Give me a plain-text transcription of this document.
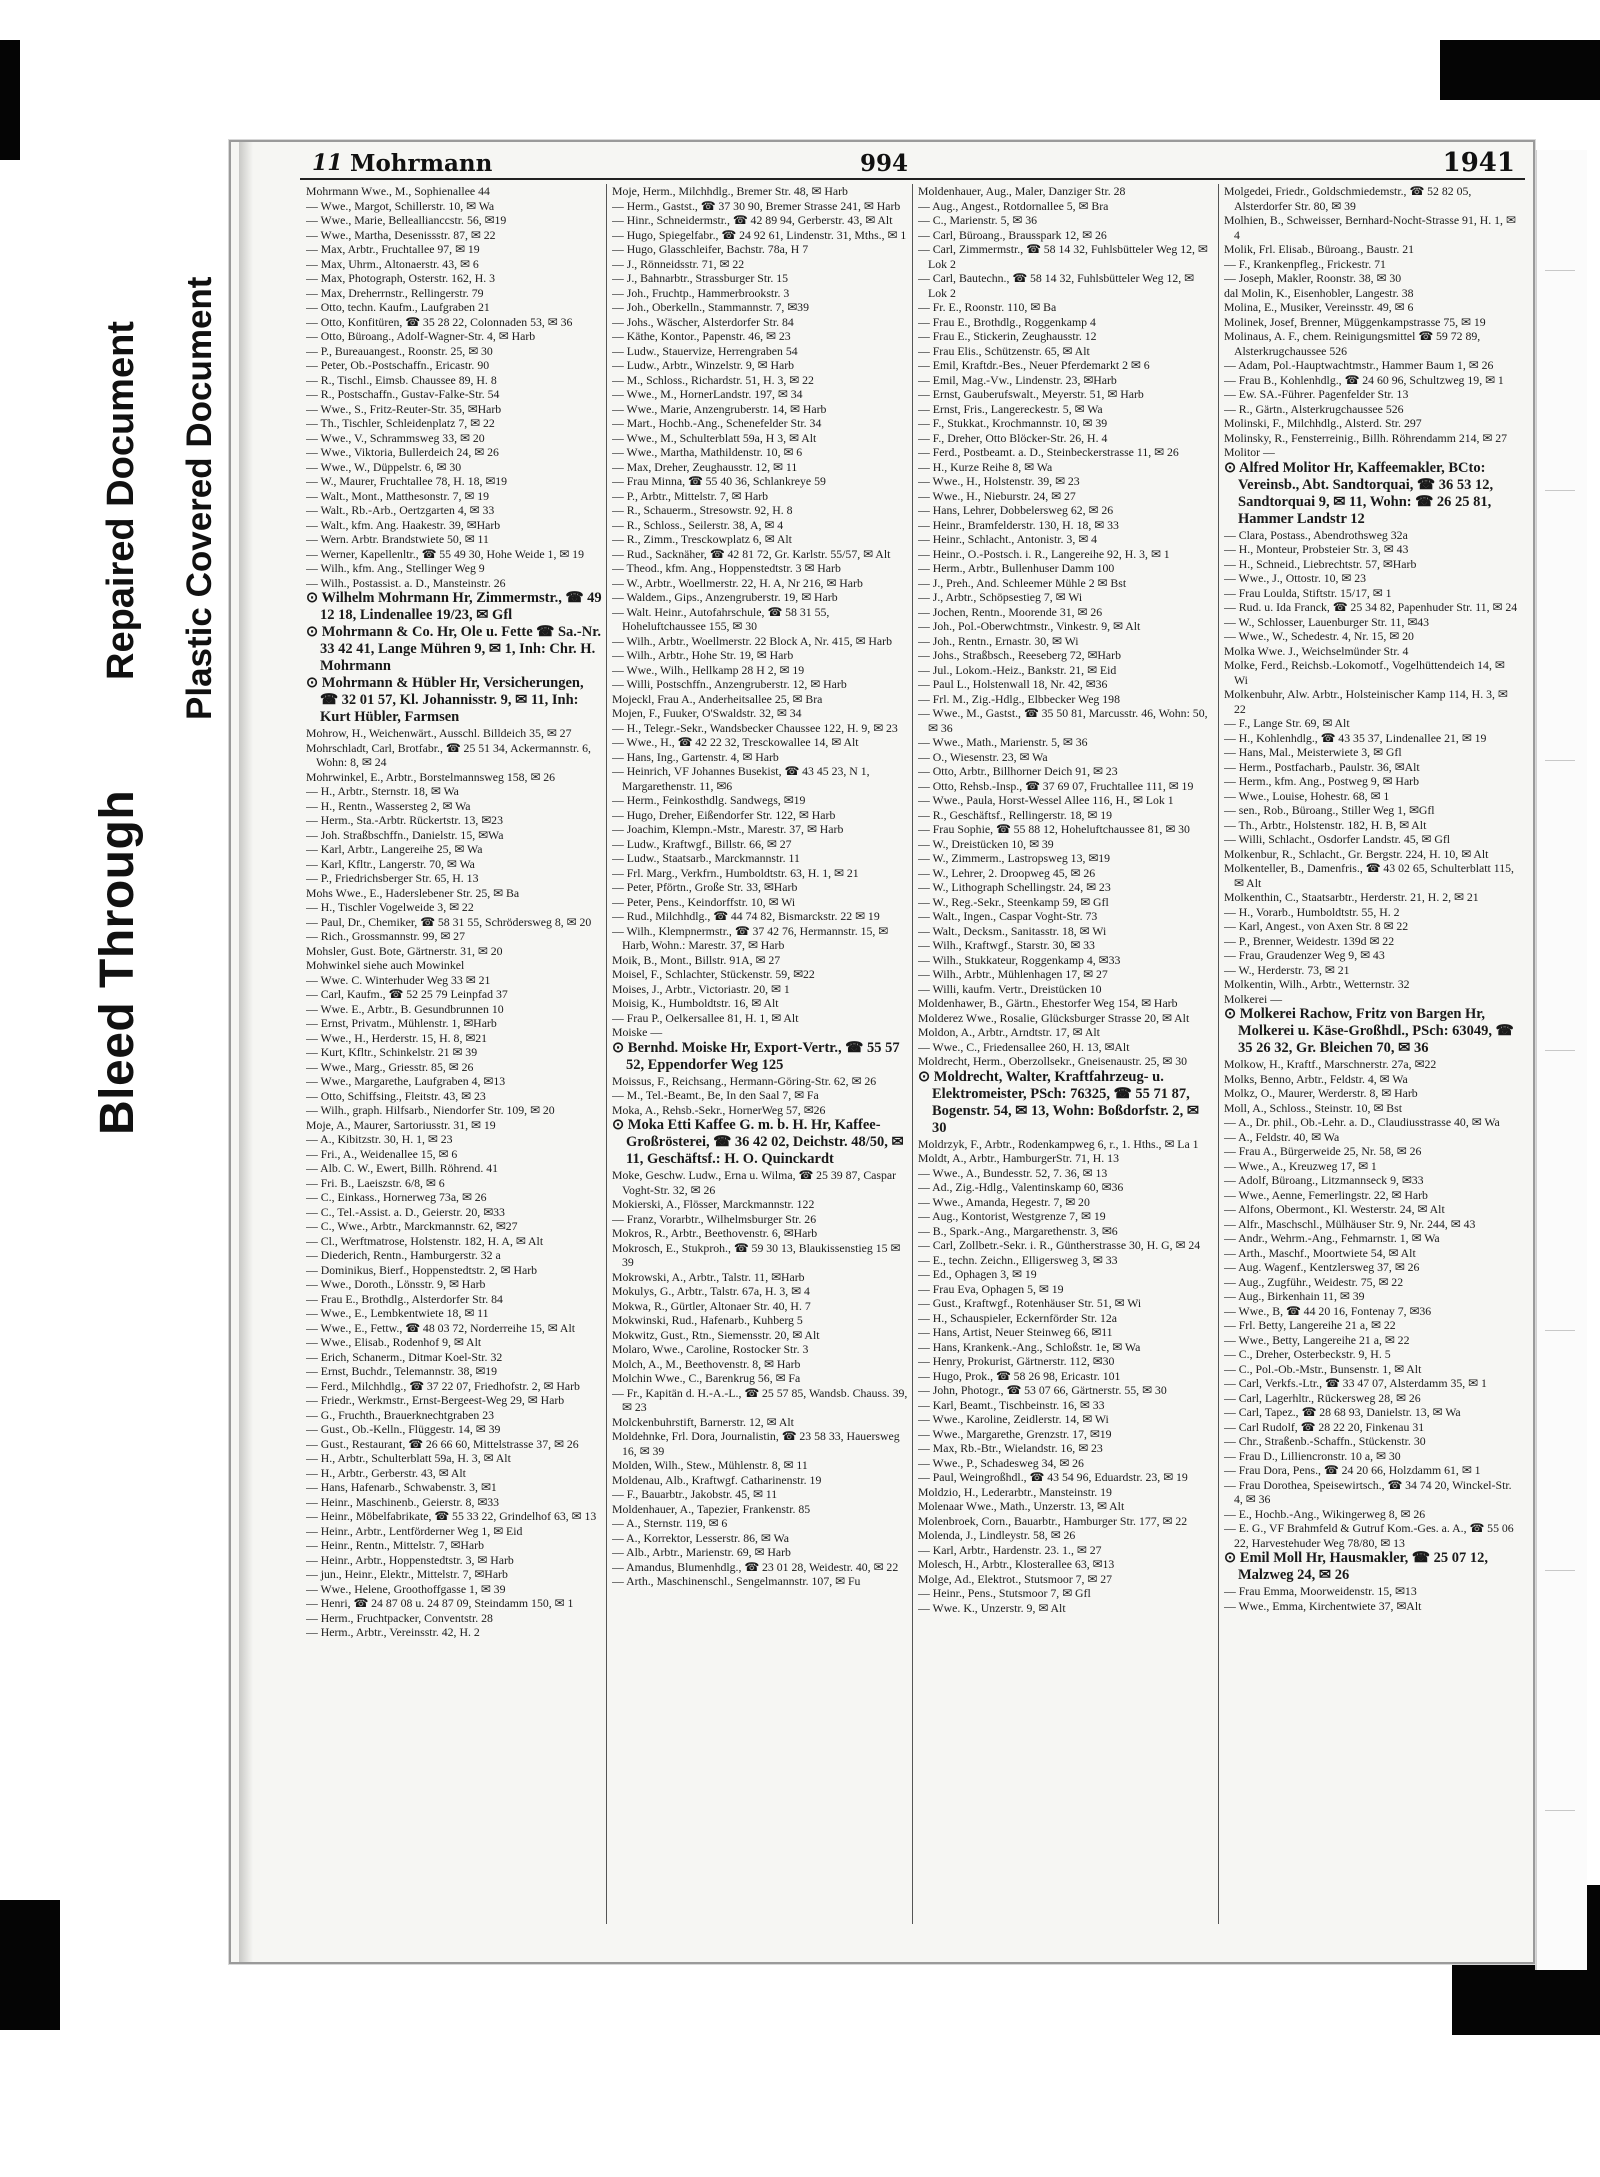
Bleed Through
Repaired Document Plastic Covered Document
11 Mohrmann	994	1941

Mohrmann Wwe., M., Sophienallee 44

— Wwe., Margot, Schillerstr. 10, ✉ Wa

— Wwe., Marie, Belleallianccstr. 56, ✉19

— Wwe., Martha, Desenissstr. 87, ✉ 22

— Max, Arbtr., Fruchtallee 97, ✉ 19

— Max, Uhrm., Altonaerstr. 43, ✉ 6

— Max, Photograph, Osterstr. 162, H. 3

— Max, Dreherrnstr., Rellingerstr. 79

— Otto, techn. Kaufm., Laufgraben 21

— Otto, Konfitüren, ☎ 35 28 22, Colonnaden 53, ✉ 36

— Otto, Büroang., Adolf-Wagner-Str. 4, ✉ Harb

— P., Bureauangest., Roonstr. 25, ✉ 30

— Peter, Ob.-Postschaffn., Ericastr. 90

— R., Tischl., Eimsb. Chaussee 89, H. 8

— R., Postschaffn., Gustav-Falke-Str. 54

— Wwe., S., Fritz-Reuter-Str. 35, ✉Harb

— Th., Tischler, Schleidenplatz 7, ✉ 22

— Wwe., V., Schrammsweg 33, ✉ 20

— Wwe., Viktoria, Bullerdeich 24, ✉ 26

— Wwe., W., Düppelstr. 6, ✉ 30

— W., Maurer, Fruchtallee 78, H. 18, ✉19

— Walt., Mont., Matthesonstr. 7, ✉ 19

— Walt., Rb.-Arb., Oertzgarten 4, ✉ 33

— Walt., kfm. Ang. Haakestr. 39, ✉Harb

— Wern. Arbtr. Brandstwiete 50, ✉ 11

— Werner, Kapellenltr., ☎ 55 49 30, Hohe Weide 1, ✉ 19

— Wilh., kfm. Ang., Stellinger Weg 9

— Wilh., Postassist. a. D., Mansteinstr. 26

⊙ Wilhelm Mohrmann Hr, Zimmermstr., ☎ 49 12 18, Lindenallee 19/23, ✉ Gfl

⊙ Mohrmann & Co. Hr, Ole u. Fette ☎ Sa.-Nr. 33 42 41, Lange Mühren 9, ✉ 1, Inh: Chr. H. Mohrmann

⊙ Mohrmann & Hübler Hr, Versicherungen, ☎ 32 01 57, Kl. Johannisstr. 9, ✉ 11, Inh: Kurt Hübler, Farmsen

Mohrow, H., Weichenwärt., Ausschl. Billdeich 35, ✉ 27

Mohrschladt, Carl, Brotfabr., ☎ 25 51 34, Ackermannstr. 6, Wohn: 8, ✉ 24

Mohrwinkel, E., Arbtr., Borstelmannsweg 158, ✉ 26

— H., Arbtr., Sternstr. 18, ✉ Wa

— H., Rentn., Wassersteg 2, ✉ Wa

— Herm., Sta.-Arbtr. Rückertstr. 13, ✉23

— Joh. Straßbschffn., Danielstr. 15, ✉Wa

— Karl, Arbtr., Langereihe 25, ✉ Wa

— Karl, Kfltr., Langerstr. 70, ✉ Wa

— P., Friedrichsberger Str. 65, H. 13

Mohs Wwe., E., Haderslebener Str. 25, ✉ Ba

— H., Tischler Vogelweide 3, ✉ 22

— Paul, Dr., Chemiker, ☎ 58 31 55, Schrödersweg 8, ✉ 20

— Rich., Grossmannstr. 99, ✉ 27

Mohsler, Gust. Bote, Gärtnerstr. 31, ✉ 20

Mohwinkel siehe auch Mowinkel

— Wwe. C. Winterhuder Weg 33 ✉ 21

— Carl, Kaufm., ☎ 52 25 79 Leinpfad 37

— Wwe. E., Arbtr., B. Gesundbrunnen 10

— Ernst, Privatm., Mühlenstr. 1, ✉Harb

— Wwe., H., Herderstr. 15, H. 8, ✉21

— Kurt, Kfltr., Schinkelstr. 21 ✉ 39

— Wwe., Marg., Griesstr. 85, ✉ 26

— Wwe., Margarethe, Laufgraben 4, ✉13

— Otto, Schiffsing., Fleitstr. 43, ✉ 23

— Wilh., graph. Hilfsarb., Niendorfer Str. 109, ✉ 20

Moje, A., Maurer, Sartoriusstr. 31, ✉ 19

— A., Kibitzstr. 30, H. 1, ✉ 23

— Fri., A., Weidenallee 15, ✉ 6

— Alb. C. W., Ewert, Billh. Röhrend. 41

— Fri. B., Laeiszstr. 6/8, ✉ 6

— C., Einkass., Hornerweg 73a, ✉ 26

— C., Tel.-Assist. a. D., Geierstr. 20, ✉33

— C., Wwe., Arbtr., Marckmannstr. 62, ✉27

— Cl., Werftmatrose, Holstenstr. 182, H. A, ✉ Alt

— Diederich, Rentn., Hamburgerstr. 32 a

— Dominikus, Bierf., Hoppenstedtstr. 2, ✉ Harb

— Wwe., Doroth., Lönsstr. 9, ✉ Harb

— Frau E., Brothdlg., Alsterdorfer Str. 84

— Wwe., E., Lembkentwiete 18, ✉ 11

— Wwe., E., Fettw., ☎ 48 03 72, Norderreihe 15, ✉ Alt

— Wwe., Elisab., Rodenhof 9, ✉ Alt

— Erich, Schanerm., Ditmar Koel-Str. 32

— Ernst, Buchdr., Telemannstr. 38, ✉19

— Ferd., Milchhdlg., ☎ 37 22 07, Friedhofstr. 2, ✉ Harb

— Friedr., Werkmstr., Ernst-Bergeest-Weg 29, ✉ Harb

— G., Fruchth., Brauerknechtgraben 23

— Gust., Ob.-Kelln., Flüggestr. 14, ✉ 39

— Gust., Restaurant, ☎ 26 66 60, Mittelstrasse 37, ✉ 26

— H., Arbtr., Schulterblatt 59a, H. 3, ✉ Alt

— H., Arbtr., Gerberstr. 43, ✉ Alt

— Hans, Hafenarb., Schwabenstr. 3, ✉1

— Heinr., Maschinenb., Geierstr. 8, ✉33

— Heinr., Möbelfabrikate, ☎ 55 33 22, Grindelhof 63, ✉ 13

— Heinr., Arbtr., Lentförderner Weg 1, ✉ Eid

— Heinr., Rentn., Mittelstr. 7, ✉Harb

— Heinr., Arbtr., Hoppenstedtstr. 3, ✉ Harb

— jun., Heinr., Elektr., Mittelstr. 7, ✉Harb

— Wwe., Helene, Groothoffgasse 1, ✉ 39

— Henri, ☎ 24 87 08 u. 24 87 09, Steindamm 150, ✉ 1

— Herm., Fruchtpacker, Conventstr. 28

— Herm., Arbtr., Vereinsstr. 42, H. 2

Moje, Herm., Milchhdlg., Bremer Str. 48, ✉ Harb

— Herm., Gastst., ☎ 37 30 90, Bremer Strasse 241, ✉ Harb

— Hinr., Schneidermstr., ☎ 42 89 94, Gerberstr. 43, ✉ Alt

— Hugo, Spiegelfabr., ☎ 24 92 61, Lindenstr. 31, Mths., ✉ 1

— Hugo, Glasschleifer, Bachstr. 78a, H 7

— J., Rönneidsstr. 71, ✉ 22

— J., Bahnarbtr., Strassburger Str. 15

— Joh., Fruchtp., Hammerbrookstr. 3

— Joh., Oberkelln., Stammannstr. 7, ✉39

— Johs., Wäscher, Alsterdorfer Str. 84

— Käthe, Kontor., Papenstr. 46, ✉ 23

— Ludw., Stauervize, Herrengraben 54

— Ludw., Arbtr., Winzelstr. 9, ✉ Harb

— M., Schloss., Richardstr. 51, H. 3, ✉ 22

— Wwe., M., HornerLandstr. 197, ✉ 34

— Wwe., Marie, Anzengruberstr. 14, ✉ Harb

— Mart., Hochb.-Ang., Schenefelder Str. 34

— Wwe., M., Schulterblatt 59a, H 3, ✉ Alt

— Wwe., Martha, Mathildenstr. 10, ✉ 6

— Max, Dreher, Zeughausstr. 12, ✉ 11

— Frau Minna, ☎ 55 40 36, Schlankreye 59

— P., Arbtr., Mittelstr. 7, ✉ Harb

— R., Schauerm., Stresowstr. 92, H. 8

— R., Schloss., Seilerstr. 38, A, ✉ 4

— R., Zimm., Tresckowplatz 6, ✉ Alt

— Rud., Sacknäher, ☎ 42 81 72, Gr. Karlstr. 55/57, ✉ Alt

— Theod., kfm. Ang., Hoppenstedtstr. 3 ✉ Harb

— W., Arbtr., Woellmerstr. 22, H. A, Nr 216, ✉ Harb

— Waldem., Gips., Anzengruberstr. 19, ✉ Harb

— Walt. Heinr., Autofahrschule, ☎ 58 31 55, Hoheluftchaussee 155, ✉ 30

— Wilh., Arbtr., Woellmerstr. 22 Block A, Nr. 415, ✉ Harb

— Wilh., Arbtr., Hohe Str. 19, ✉ Harb

— Wwe., Wilh., Hellkamp 28 H 2, ✉ 19

— Willi, Postschffn., Anzengruberstr. 12, ✉ Harb

Mojeckl, Frau A., Anderheitsallee 25, ✉ Bra

Mojen, F., Fuuker, O'Swaldstr. 32, ✉ 34

— H., Telegr.-Sekr., Wandsbecker Chaussee 122, H. 9, ✉ 23

— Wwe., H., ☎ 42 22 32, Tresckowallee 14, ✉ Alt

— Hans, Ing., Gartenstr. 4, ✉ Harb

— Heinrich, VF Johannes Busekist, ☎ 43 45 23, N 1, Margarethenstr. 11, ✉6

— Herm., Feinkosthdlg. Sandwegs, ✉19

— Hugo, Dreher, Eißendorfer Str. 122, ✉ Harb

— Joachim, Klempn.-Mstr., Marestr. 37, ✉ Harb

— Ludw., Kraftwgf., Billstr. 66, ✉ 27

— Ludw., Staatsarb., Marckmannstr. 11

— Frl. Marg., Verkfrn., Humboldtstr. 63, H. 1, ✉ 21

— Peter, Pförtn., Große Str. 33, ✉Harb

— Peter, Pens., Keindorffstr. 10, ✉ Wi

— Rud., Milchhdlg., ☎ 44 74 82, Bismarckstr. 22 ✉ 19

— Wilh., Klempnermstr., ☎ 37 42 76, Hermannstr. 15, ✉ Harb, Wohn.: Marestr. 37, ✉ Harb

Moik, B., Mont., Billstr. 91A, ✉ 27

Moisel, F., Schlachter, Stückenstr. 59, ✉22

Moises, J., Arbtr., Victoriastr. 20, ✉ 1

Moisig, K., Humboldtstr. 16, ✉ Alt

— Frau P., Oelkersallee 81, H. 1, ✉ Alt

Moiske —

⊙ Bernhd. Moiske Hr, Export-Vertr., ☎ 55 57 52, Eppendorfer Weg 125

Moissus, F., Reichsang., Hermann-Göring-Str. 62, ✉ 26

— M., Tel.-Beamt., Be, In den Saal 7, ✉ Fa

Moka, A., Rehsb.-Sekr., HornerWeg 57, ✉26

⊙ Moka Etti Kaffee G. m. b. H. Hr, Kaffee-Großrösterei, ☎ 36 42 02, Deichstr. 48/50, ✉ 11, Geschäftsf.: H. O. Quinckardt

Moke, Geschw. Ludw., Erna u. Wilma, ☎ 25 39 87, Caspar Voght-Str. 32, ✉ 26

Mokierski, A., Flösser, Marckmannstr. 122

— Franz, Vorarbtr., Wilhelmsburger Str. 26

Mokros, R., Arbtr., Beethovenstr. 6, ✉Harb

Mokrosch, E., Stukproh., ☎ 59 30 13, Blaukissenstieg 15 ✉ 39

Mokrowski, A., Arbtr., Talstr. 11, ✉Harb

Mokulys, G., Arbtr., Talstr. 67a, H. 3, ✉ 4

Mokwa, R., Gürtler, Altonaer Str. 40, H. 7

Mokwinski, Rud., Hafenarb., Kuhberg 5

Mokwitz, Gust., Rtn., Siemensstr. 20, ✉ Alt

Molaro, Wwe., Caroline, Rostocker Str. 3

Molch, A., M., Beethovenstr. 8, ✉ Harb

Molchin Wwe., C., Barenkrug 56, ✉ Fa

— Fr., Kapitän d. H.-A.-L., ☎ 25 57 85, Wandsb. Chauss. 39, ✉ 23

Molckenbuhrstift, Barnerstr. 12, ✉ Alt

Moldehnke, Frl. Dora, Journalistin, ☎ 23 58 33, Hauersweg 16, ✉ 39

Molden, Wilh., Stew., Mühlenstr. 8, ✉ 11

Moldenau, Alb., Kraftwgf. Catharinenstr. 19

— F., Bauarbtr., Jakobstr. 45, ✉ 11

Moldenhauer, A., Tapezier, Frankenstr. 85

— A., Sternstr. 119, ✉ 6

— A., Korrektor, Lesserstr. 86, ✉ Wa

— Alb., Arbtr., Marienstr. 69, ✉ Harb

— Amandus, Blumenhdlg., ☎ 23 01 28, Weidestr. 40, ✉ 22

— Arth., Maschinenschl., Sengelmannstr. 107, ✉ Fu

Moldenhauer, Aug., Maler, Danziger Str. 28

— Aug., Angest., Rotdornallee 5, ✉ Bra

— C., Marienstr. 5, ✉ 36

— Carl, Büroang., Brausspark 12, ✉ 26

— Carl, Zimmermstr., ☎ 58 14 32, Fuhlsbütteler Weg 12, ✉ Lok 2

— Carl, Bautechn., ☎ 58 14 32, Fuhlsbütteler Weg 12, ✉ Lok 2

— Fr. E., Roonstr. 110, ✉ Ba

— Frau E., Brothdlg., Roggenkamp 4

— Frau E., Stickerin, Zeughausstr. 12

— Frau Elis., Schützenstr. 65, ✉ Alt

— Emil, Kraftdr.-Bes., Neuer Pferdemarkt 2 ✉ 6

— Emil, Mag.-Vw., Lindenstr. 23, ✉Harb

— Ernst, Gauberufswalt., Meyerstr. 51, ✉ Harb

— Ernst, Fris., Langereckestr. 5, ✉ Wa

— F., Stukkat., Krochmannstr. 10, ✉ 39

— F., Dreher, Otto Blöcker-Str. 26, H. 4

— Ferd., Postbeamt. a. D., Steinbeckerstrasse 11, ✉ 26

— H., Kurze Reihe 8, ✉ Wa

— Wwe., H., Holstenstr. 39, ✉ 23

— Wwe., H., Nieburstr. 24, ✉ 27

— Hans, Lehrer, Dobbelersweg 62, ✉ 26

— Heinr., Bramfelderstr. 130, H. 18, ✉ 33

— Heinr., Schlacht., Antonistr. 3, ✉ 4

— Heinr., O.-Postsch. i. R., Langereihe 92, H. 3, ✉ 1

— Herm., Arbtr., Bullenhuser Damm 100

— J., Preh., And. Schleemer Mühle 2 ✉ Bst

— J., Arbtr., Schöpsestieg 7, ✉ Wi

— Jochen, Rentn., Moorende 31, ✉ 26

— Joh., Pol.-Oberwchtmstr., Vinkestr. 9, ✉ Alt

— Joh., Rentn., Ernastr. 30, ✉ Wi

— Johs., Straßbsch., Reeseberg 72, ✉Harb

— Jul., Lokom.-Heiz., Bankstr. 21, ✉ Eid

— Paul L., Holstenwall 18, Nr. 42, ✉36

— Frl. M., Zig.-Hdlg., Elbbecker Weg 198

— Wwe., M., Gastst., ☎ 35 50 81, Marcusstr. 46, Wohn: 50, ✉ 36

— Wwe., Math., Marienstr. 5, ✉ 36

— O., Wiesenstr. 23, ✉ Wa

— Otto, Arbtr., Billhorner Deich 91, ✉ 23

— Otto, Rehsb.-Insp., ☎ 37 69 07, Fruchtallee 111, ✉ 19

— Wwe., Paula, Horst-Wessel Allee 116, H., ✉ Lok 1

— R., Geschäftsf., Rellingerstr. 18, ✉ 19

— Frau Sophie, ☎ 55 88 12, Hoheluftchaussee 81, ✉ 30

— W., Dreistücken 10, ✉ 39

— W., Zimmerm., Lastropsweg 13, ✉19

— W., Lehrer, 2. Droopweg 45, ✉ 26

— W., Lithograph Schellingstr. 24, ✉ 23

— W., Reg.-Sekr., Steenkamp 59, ✉ Gfl

— Walt., Ingen., Caspar Voght-Str. 73

— Walt., Decksm., Sanitasstr. 18, ✉ Wi

— Wilh., Kraftwgf., Starstr. 30, ✉ 33

— Wilh., Stukkateur, Roggenkamp 4, ✉33

— Wilh., Arbtr., Mühlenhagen 17, ✉ 27

— Willi, kaufm. Vertr., Dreistücken 10

Moldenhawer, B., Gärtn., Ehestorfer Weg 154, ✉ Harb

Molderez Wwe., Rosalie, Glücksburger Strasse 20, ✉ Alt

Moldon, A., Arbtr., Arndtstr. 17, ✉ Alt

— Wwe., C., Friedensallee 260, H. 13, ✉Alt

Moldrecht, Herm., Oberzollsekr., Gneisenaustr. 25, ✉ 30

⊙ Moldrecht, Walter, Kraftfahrzeug- u. Elektromeister, PSch: 76325, ☎ 55 71 87, Bogenstr. 54, ✉ 13, Wohn: Boßdorfstr. 2, ✉ 30

Moldrzyk, F., Arbtr., Rodenkampweg 6, r., 1. Hths., ✉ La 1

Moldt, A., Arbtr., HamburgerStr. 71, H. 13

— Wwe., A., Bundesstr. 52, 7. 36, ✉ 13

— Ad., Zig.-Hdlg., Valentinskamp 60, ✉36

— Wwe., Amanda, Hegestr. 7, ✉ 20

— Aug., Kontorist, Westgrenze 7, ✉ 19

— B., Spark.-Ang., Margarethenstr. 3, ✉6

— Carl, Zollbetr.-Sekr. i. R., Güntherstrasse 30, H. G, ✉ 24

— E., techn. Zeichn., Elligersweg 3, ✉ 33

— Ed., Ophagen 3, ✉ 19

— Frau Eva, Ophagen 5, ✉ 19

— Gust., Kraftwgf., Rotenhäuser Str. 51, ✉ Wi

— H., Schauspieler, Eckernförder Str. 12a

— Hans, Artist, Neuer Steinweg 66, ✉11

— Hans, Krankenk.-Ang., Schloßstr. 1e, ✉ Wa

— Henry, Prokurist, Gärtnerstr. 112, ✉30

— Hugo, Prok., ☎ 58 26 98, Ericastr. 101

— John, Photogr., ☎ 53 07 66, Gärtnerstr. 55, ✉ 30

— Karl, Beamt., Tischbeinstr. 16, ✉ 33

— Wwe., Karoline, Zeidlerstr. 14, ✉ Wi

— Wwe., Margarethe, Grenzstr. 17, ✉19

— Max, Rb.-Btr., Wielandstr. 16, ✉ 23

— Wwe., P., Schadesweg 34, ✉ 26

— Paul, Weingroßhdl., ☎ 43 54 96, Eduardstr. 23, ✉ 19

Moldzio, H., Lederarbtr., Mansteinstr. 19

Molenaar Wwe., Math., Unzerstr. 13, ✉ Alt

Molenbroek, Corn., Bauarbtr., Hamburger Str. 177, ✉ 22

Molenda, J., Lindleystr. 58, ✉ 26

— Karl, Arbtr., Hardenstr. 23. 1., ✉ 27

Molesch, H., Arbtr., Klosterallee 63, ✉13

Molge, Ad., Elektrot., Stutsmoor 7, ✉ 27

— Heinr., Pens., Stutsmoor 7, ✉ Gfl

— Wwe. K., Unzerstr. 9, ✉ Alt

Molgedei, Friedr., Goldschmiedemstr., ☎ 52 82 05, Alsterdorfer Str. 80, ✉ 39

Molhien, B., Schweisser, Bernhard-Nocht-Strasse 91, H. 1, ✉ 4

Molik, Frl. Elisab., Büroang., Baustr. 21

— F., Krankenpfleg., Frickestr. 71

— Joseph, Makler, Roonstr. 38, ✉ 30

dal Molin, K., Eisenhobler, Langestr. 38

Molina, E., Musiker, Vereinsstr. 49, ✉ 6

Molinek, Josef, Brenner, Müggenkampstrasse 75, ✉ 19

Molinaus, A. F., chem. Reinigungsmittel ☎ 59 72 89, Alsterkrugchaussee 526

— Adam, Pol.-Hauptwachtmstr., Hammer Baum 1, ✉ 26

— Frau B., Kohlenhdlg., ☎ 24 60 96, Schultzweg 19, ✉ 1

— Ew. SA.-Führer. Pagenfelder Str. 13

— R., Gärtn., Alsterkrugchaussee 526

Molinski, F., Milchhdlg., Alsterd. Str. 297

Molinsky, R., Fensterreinig., Billh. Röhrendamm 214, ✉ 27

Molitor —

⊙ Alfred Molitor Hr, Kaffeemakler, BCto: Vereinsb., Abt. Sandtorquai, ☎ 36 53 12, Sandtorquai 9, ✉ 11, Wohn: ☎ 26 25 81, Hammer Landstr 12

— Clara, Postass., Abendrothsweg 32a

— H., Monteur, Probsteier Str. 3, ✉ 43

— H., Schneid., Liebrechtstr. 57, ✉Harb

— Wwe., J., Ottostr. 10, ✉ 23

— Frau Loulda, Stiftstr. 15/17, ✉ 1

— Rud. u. Ida Franck, ☎ 25 34 82, Papenhuder Str. 11, ✉ 24

— W., Schlosser, Lauenburger Str. 11, ✉43

— Wwe., W., Schedestr. 4, Nr. 15, ✉ 20

Molka Wwe. J., Weichselmünder Str. 4

Molke, Ferd., Reichsb.-Lokomotf., Vogelhüttendeich 14, ✉ Wi

Molkenbuhr, Alw. Arbtr., Holsteinischer Kamp 114, H. 3, ✉ 22

— F., Lange Str. 69, ✉ Alt

— H., Kohlenhdlg., ☎ 43 35 37, Lindenallee 21, ✉ 19

— Hans, Mal., Meisterwiete 3, ✉ Gfl

— Herm., Postfacharb., Paulstr. 36, ✉Alt

— Herm., kfm. Ang., Postweg 9, ✉ Harb

— Wwe., Louise, Hohestr. 68, ✉ 1

— sen., Rob., Büroang., Stiller Weg 1, ✉Gfl

— Th., Arbtr., Holstenstr. 182, H. B, ✉ Alt

— Willi, Schlacht., Osdorfer Landstr. 45, ✉ Gfl

Molkenbur, R., Schlacht., Gr. Bergstr. 224, H. 10, ✉ Alt

Molkenteller, B., Damenfris., ☎ 43 02 65, Schulterblatt 115, ✉ Alt

Molkenthin, C., Staatsarbtr., Herderstr. 21, H. 2, ✉ 21

— H., Vorarb., Humboldtstr. 55, H. 2

— Karl, Angest., von Axen Str. 8 ✉ 22

— P., Brenner, Weidestr. 139d ✉ 22

— Frau, Graudenzer Weg 9, ✉ 43

— W., Herderstr. 73, ✉ 21

Molkentin, Wilh., Arbtr., Wetternstr. 32

Molkerei —

⊙ Molkerei Rachow, Fritz von Bargen Hr, Molkerei u. Käse-Großhdl., PSch: 63049, ☎ 35 26 32, Gr. Bleichen 70, ✉ 36

Molkow, H., Kraftf., Marschnerstr. 27a, ✉22

Molks, Benno, Arbtr., Feldstr. 4, ✉ Wa

Molkz, O., Maurer, Werderstr. 8, ✉ Harb

Moll, A., Schloss., Steinstr. 10, ✉ Bst

— A., Dr. phil., Ob.-Lehr. a. D., Claudiusstrasse 40, ✉ Wa

— A., Feldstr. 40, ✉ Wa

— Frau A., Bürgerweide 25, Nr. 58, ✉ 26

— Wwe., A., Kreuzweg 17, ✉ 1

— Adolf, Büroang., Litzmannseck 9, ✉33

— Wwe., Aenne, Femerlingstr. 22, ✉ Harb

— Alfons, Obermont., Kl. Westerstr. 24, ✉ Alt

— Alfr., Maschschl., Mülhäuser Str. 9, Nr. 244, ✉ 43

— Andr., Wehrm.-Ang., Fehmarnstr. 1, ✉ Wa

— Arth., Maschf., Moortwiete 54, ✉ Alt

— Aug. Wagenf., Kentzlersweg 37, ✉ 26

— Aug., Zugführ., Weidestr. 75, ✉ 22

— Aug., Birkenhain 11, ✉ 39

— Wwe., B, ☎ 44 20 16, Fontenay 7, ✉36

— Frl. Betty, Langereihe 21 a, ✉ 22

— Wwe., Betty, Langereihe 21 a, ✉ 22

— C., Dreher, Osterbeckstr. 9, H. 5

— C., Pol.-Ob.-Mstr., Bunsenstr. 1, ✉ Alt

— Carl, Verkfs.-Ltr., ☎ 33 47 07, Alsterdamm 35, ✉ 1

— Carl, Lagerhltr., Rückersweg 28, ✉ 26

— Carl, Tapez., ☎ 28 68 93, Danielstr. 13, ✉ Wa

— Carl Rudolf, ☎ 28 22 20, Finkenau 31

— Chr., Straßenb.-Schaffn., Stückenstr. 30

— Frau D., Lilliencronstr. 10 a, ✉ 30

— Frau Dora, Pens., ☎ 24 20 66, Holzdamm 61, ✉ 1

— Frau Dorothea, Speisewirtsch., ☎ 34 74 20, Winckel-Str. 4, ✉ 36

— E., Hochb.-Ang., Wikingerweg 8, ✉ 26

— E. G., VF Brahmfeld & Gutruf Kom.-Ges. a. A., ☎ 55 06 22, Harvestehuder Weg 78/80, ✉ 13

⊙ Emil Moll Hr, Hausmakler, ☎ 25 07 12, Malzweg 24, ✉ 26

— Frau Emma, Moorweidenstr. 15, ✉13

— Wwe., Emma, Kirchentwiete 37, ✉Alt
